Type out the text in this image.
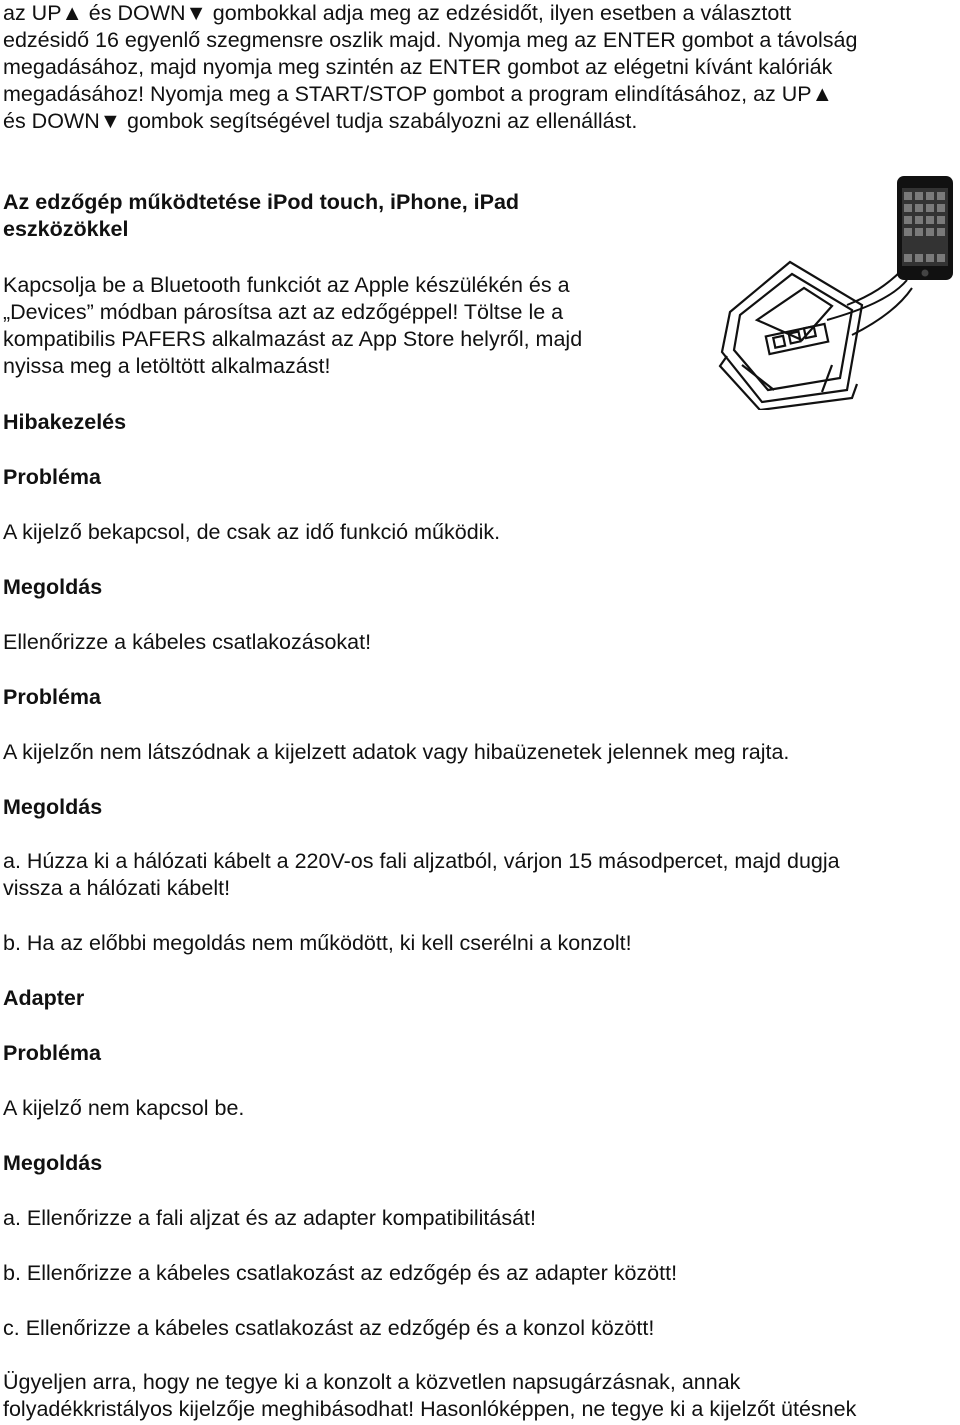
az UP▲ és DOWN▼ gombokkal adja meg az edzésidőt, ilyen esetben a választott
edzésidő 16 egyenlő szegmensre oszlik majd. Nyomja meg az ENTER gombot a távolság
megadásához, majd nyomja meg szintén az ENTER gombot az elégetni kívánt kalóriák
megadásához! Nyomja meg a START/STOP gombot a program elindításához, az UP▲
és DOWN▼ gombok segítségével tudja szabályozni az ellenállást.
Az edzőgép működtetése iPod touch, iPhone, iPad
eszközökkel
Kapcsolja be a Bluetooth funkciót az Apple készülékén és a
„Devices” módban párosítsa azt az edzőgéppel! Töltse le a
kompatibilis PAFERS alkalmazást az App Store helyről, majd
nyissa meg a letöltött alkalmazást!
Hibakezelés
Probléma
A kijelző bekapcsol, de csak az idő funkció működik.
Megoldás
Ellenőrizze a kábeles csatlakozásokat!
Probléma
A kijelzőn nem látszódnak a kijelzett adatok vagy hibaüzenetek jelennek meg rajta.
Megoldás
a. Húzza ki a hálózati kábelt a 220V-os fali aljzatból, várjon 15 másodpercet, majd dugja
vissza a hálózati kábelt!
b. Ha az előbbi megoldás nem működött, ki kell cserélni a konzolt!
Adapter
Probléma
A kijelző nem kapcsol be.
Megoldás
a. Ellenőrizze a fali aljzat és az adapter kompatibilitását!
b. Ellenőrizze a kábeles csatlakozást az edzőgép és az adapter között!
c. Ellenőrizze a kábeles csatlakozást az edzőgép és a konzol között!
Ügyeljen arra, hogy ne tegye ki a konzolt a közvetlen napsugárzásnak, annak
folyadékkristályos kijelzője meghibásodhat! Hasonlóképpen, ne tegye ki a kijelzőt ütésnek
